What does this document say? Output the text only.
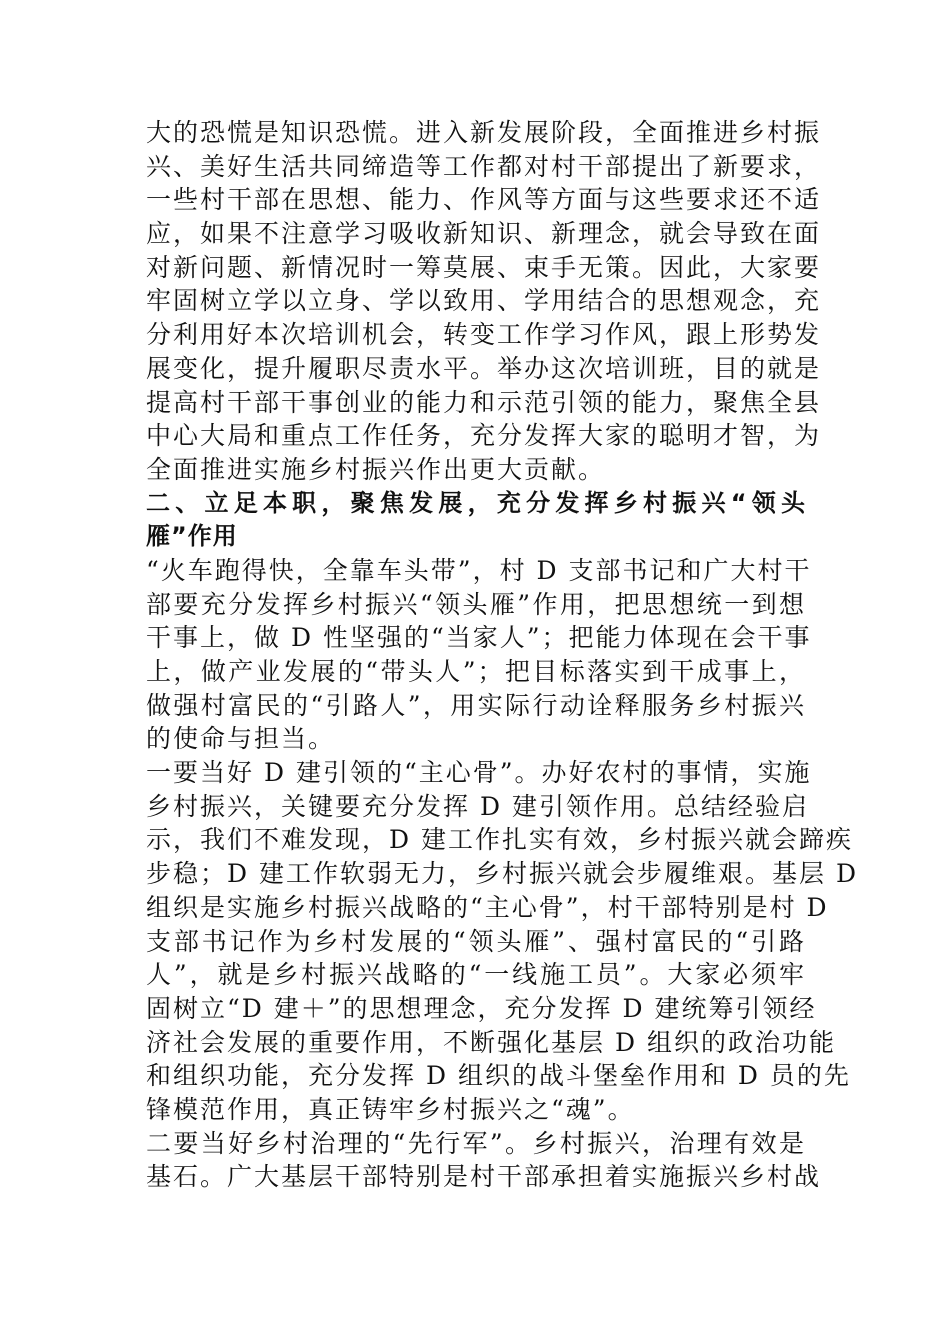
大的恐慌是知识恐慌。进入新发展阶段，全面推进乡村振
兴、美好生活共同缔造等工作都对村干部提出了新要求，
一些村干部在思想、能力、作风等方面与这些要求还不适
应，如果不注意学习吸收新知识、新理念，就会导致在面
对新问题、新情况时一筹莫展、束手无策。因此，大家要
牢固树立学以立身、学以致用、学用结合的思想观念，充
分利用好本次培训机会，转变工作学习作风，跟上形势发
展变化，提升履职尽责水平。举办这次培训班，目的就是
提高村干部干事创业的能力和示范引领的能力，聚焦全县
中心大局和重点工作任务，充分发挥大家的聪明才智，为
全面推进实施乡村振兴作出更大贡献。
二、立足本职，聚焦发展，充分发挥乡村振兴“领头
雁”作用
“火车跑得快，全靠车头带”，村 D 支部书记和广大村干
部要充分发挥乡村振兴“领头雁”作用，把思想统一到想
干事上，做 D 性坚强的“当家人”；把能力体现在会干事
上，做产业发展的“带头人”；把目标落实到干成事上，
做强村富民的“引路人”，用实际行动诠释服务乡村振兴
的使命与担当。
一要当好 D 建引领的“主心骨”。办好农村的事情，实施
乡村振兴，关键要充分发挥 D 建引领作用。总结经验启
示，我们不难发现，D 建工作扎实有效，乡村振兴就会蹄疾
步稳；D 建工作软弱无力，乡村振兴就会步履维艰。基层 D
组织是实施乡村振兴战略的“主心骨”，村干部特别是村 D
支部书记作为乡村发展的“领头雁”、强村富民的“引路
人”，就是乡村振兴战略的“一线施工员”。大家必须牢
固树立“D 建＋”的思想理念，充分发挥 D 建统筹引领经
济社会发展的重要作用，不断强化基层 D 组织的政治功能
和组织功能，充分发挥 D 组织的战斗堡垒作用和 D 员的先
锋模范作用，真正铸牢乡村振兴之“魂”。
二要当好乡村治理的“先行军”。乡村振兴，治理有效是
基石。广大基层干部特别是村干部承担着实施振兴乡村战
